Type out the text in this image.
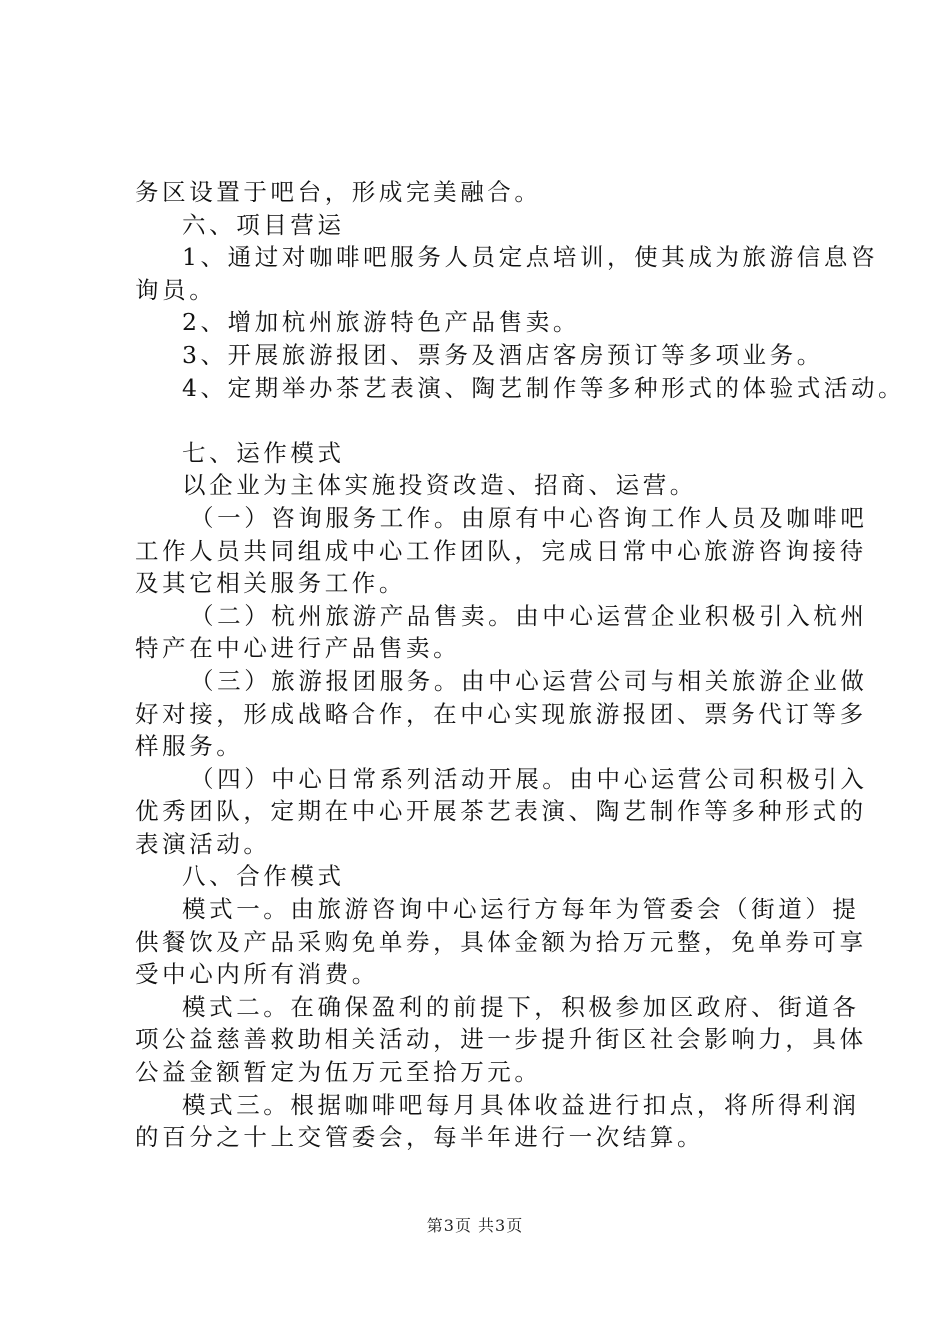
务区设置于吧台，形成完美融合。
六、项目营运
1、通过对咖啡吧服务人员定点培训，使其成为旅游信息咨
询员。
2、增加杭州旅游特色产品售卖。
3、开展旅游报团、票务及酒店客房预订等多项业务。
4、定期举办茶艺表演、陶艺制作等多种形式的体验式活动。
七、运作模式
以企业为主体实施投资改造、招商、运营。
（一）咨询服务工作。由原有中心咨询工作人员及咖啡吧
工作人员共同组成中心工作团队，完成日常中心旅游咨询接待
及其它相关服务工作。
（二）杭州旅游产品售卖。由中心运营企业积极引入杭州
特产在中心进行产品售卖。
（三）旅游报团服务。由中心运营公司与相关旅游企业做
好对接，形成战略合作，在中心实现旅游报团、票务代订等多
样服务。
（四）中心日常系列活动开展。由中心运营公司积极引入
优秀团队，定期在中心开展茶艺表演、陶艺制作等多种形式的
表演活动。
八、合作模式
模式一。由旅游咨询中心运行方每年为管委会（街道）提
供餐饮及产品采购免单券，具体金额为拾万元整，免单券可享
受中心内所有消费。
模式二。在确保盈利的前提下，积极参加区政府、街道各
项公益慈善救助相关活动，进一步提升街区社会影响力，具体
公益金额暂定为伍万元至拾万元。
模式三。根据咖啡吧每月具体收益进行扣点，将所得利润
的百分之十上交管委会，每半年进行一次结算。
第3页 共3页
